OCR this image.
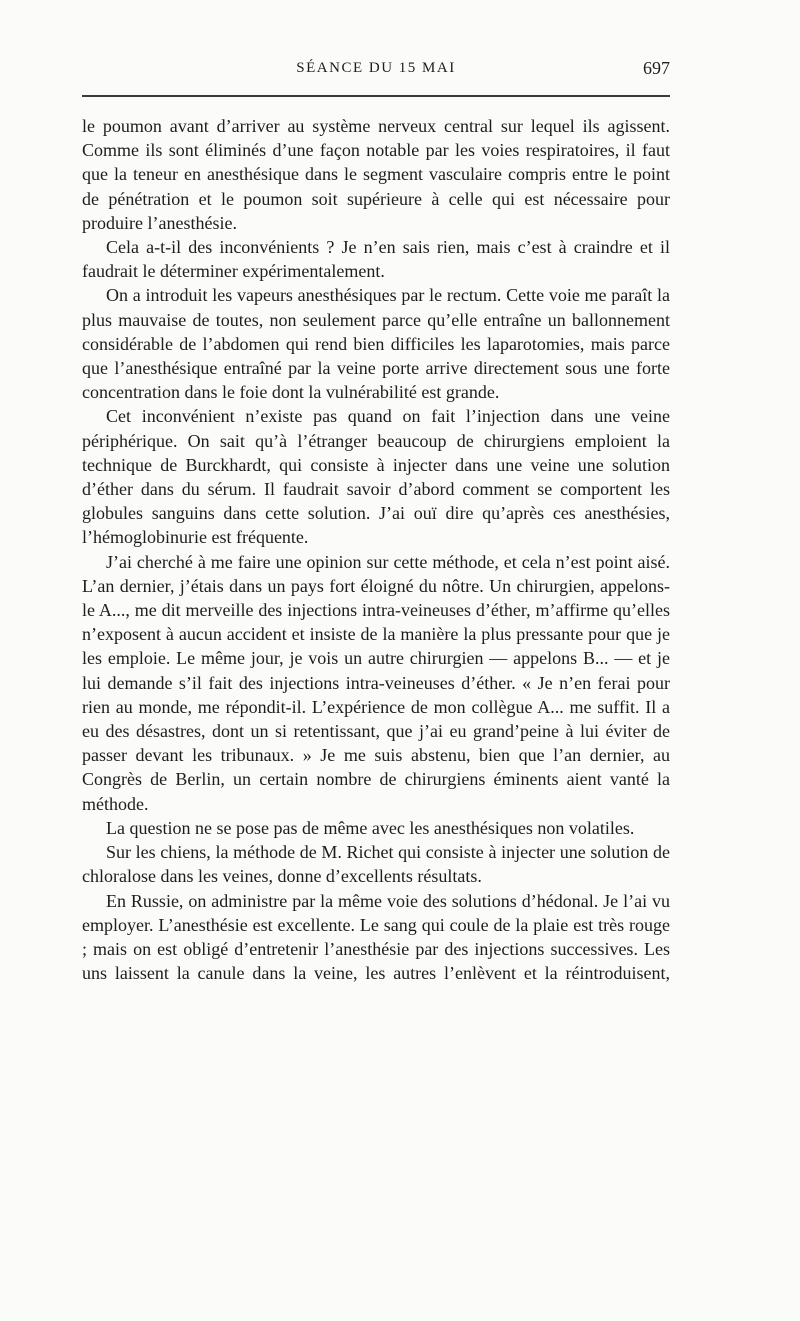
SÉANCE DU 15 MAI	697

le poumon avant d’arriver au système nerveux central sur lequel ils agissent. Comme ils sont éliminés d’une façon notable par les voies respiratoires, il faut que la teneur en anesthésique dans le segment vasculaire compris entre le point de pénétration et le poumon soit supérieure à celle qui est nécessaire pour produire l’anesthésie.

Cela a-t-il des inconvénients ? Je n’en sais rien, mais c’est à craindre et il faudrait le déterminer expérimentalement.

On a introduit les vapeurs anesthésiques par le rectum. Cette voie me paraît la plus mauvaise de toutes, non seulement parce qu’elle entraîne un ballonnement considérable de l’abdomen qui rend bien difficiles les laparotomies, mais parce que l’anesthésique entraîné par la veine porte arrive directement sous une forte concentration dans le foie dont la vulnérabilité est grande.

Cet inconvénient n’existe pas quand on fait l’injection dans une veine périphérique. On sait qu’à l’étranger beaucoup de chirurgiens emploient la technique de Burckhardt, qui consiste à injecter dans une veine une solution d’éther dans du sérum. Il faudrait savoir d’abord comment se comportent les globules sanguins dans cette solution. J’ai ouï dire qu’après ces anesthésies, l’hémoglobinurie est fréquente.

J’ai cherché à me faire une opinion sur cette méthode, et cela n’est point aisé. L’an dernier, j’étais dans un pays fort éloigné du nôtre. Un chirurgien, appelons-le A..., me dit merveille des injections intra-veineuses d’éther, m’affirme qu’elles n’exposent à aucun accident et insiste de la manière la plus pressante pour que je les emploie. Le même jour, je vois un autre chirurgien — appelons B... — et je lui demande s’il fait des injections intra-veineuses d’éther. « Je n’en ferai pour rien au monde, me répondit-il. L’expérience de mon collègue A... me suffit. Il a eu des désastres, dont un si retentissant, que j’ai eu grand’peine à lui éviter de passer devant les tribunaux. » Je me suis abstenu, bien que l’an dernier, au Congrès de Berlin, un certain nombre de chirurgiens éminents aient vanté la méthode.

La question ne se pose pas de même avec les anesthésiques non volatiles.

Sur les chiens, la méthode de M. Richet qui consiste à injecter une solution de chloralose dans les veines, donne d’excellents résultats.

En Russie, on administre par la même voie des solutions d’hédonal. Je l’ai vu employer. L’anesthésie est excellente. Le sang qui coule de la plaie est très rouge ; mais on est obligé d’entretenir l’anesthésie par des injections successives. Les uns laissent la canule dans la veine, les autres l’enlèvent et la réintroduisent,
